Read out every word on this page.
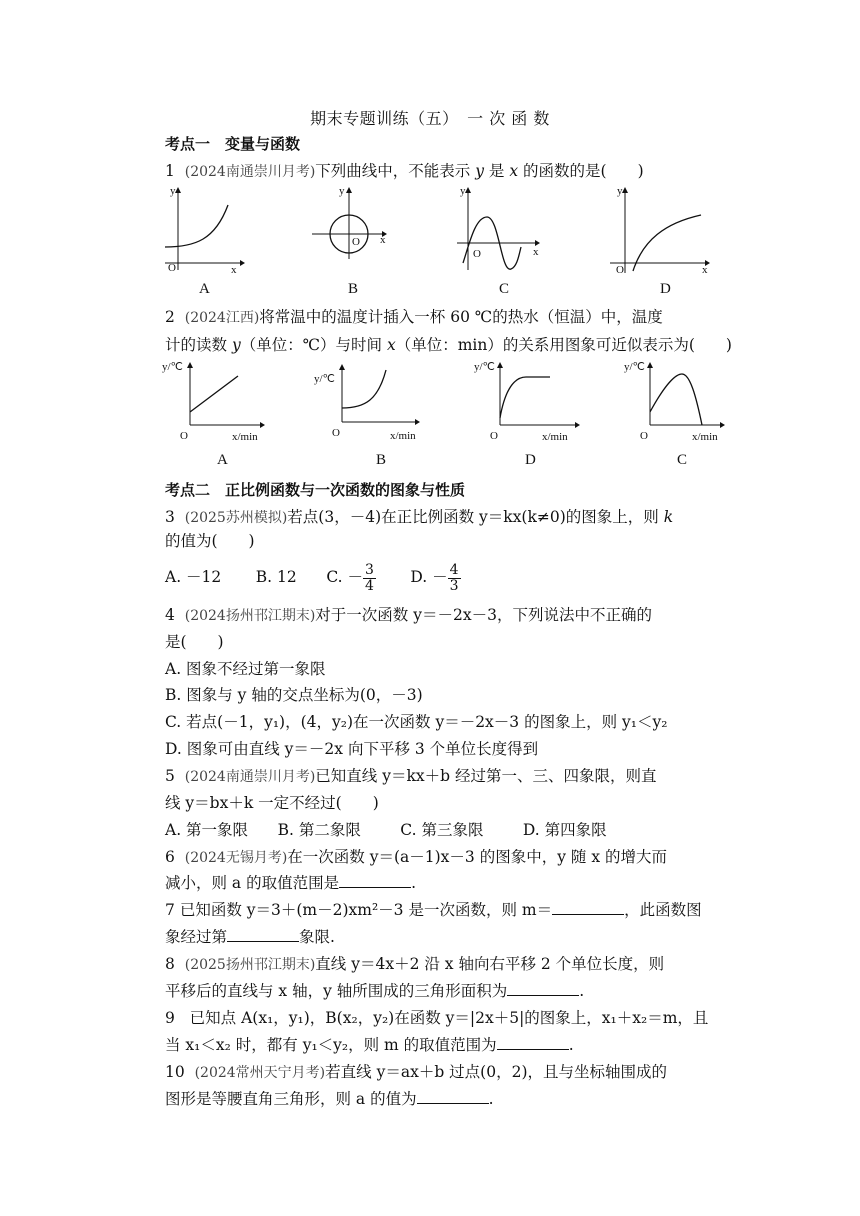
期末专题训练（五）　一 次 函 数
考点一　变量与函数
1 (2024南通崇川月考)下列曲线中，不能表示 y 是 x 的函数的是(　　)
y
O	x
y
O x
y
O	x
y
O	x
A	B	C	D
2 (2024江西)将常温中的温度计插入一杯 60 ℃的热水（恒温）中，温度
计的读数 y（单位：℃）与时间 x（单位：min）的关系用图象可近似表示为(　　)
y/℃
O	x/min
y/℃
O	x/min
y/℃
O	x/min
y/℃
O	x/min
A	B	D	C
考点二　正比例函数与一次函数的图象与性质
3 (2025苏州模拟)若点(3，－4)在正比例函数 y＝kx(k≠0)的图象上，则 k
的值为(　　)
A. －12 B. 12 C. － $\frac{3}{4} D$. － $\frac{4}{3}$
4 (2024扬州邗江期末)对于一次函数 y＝－2x－3，下列说法中不正确的
是(　　)
A. 图象不经过第一象限
B. 图象与 y 轴的交点坐标为(0，－3)
C. 若点(－1，y₁)，(4，y₂)在一次函数 y＝－2x－3 的图象上，则 y₁＜y₂
D. 图象可由直线 y＝－2x 向下平移 3 个单位长度得到
5 (2024南通崇川月考)已知直线 y＝kx＋b 经过第一、三、四象限，则直
线 y＝bx＋k 一定不经过(　　)
A. 第一象限 B. 第二象限	C. 第三象限	D. 第四象限
6 (2024无锡月考)在一次函数 y＝(a－1)x－3 的图象中，y 随 x 的增大而
减小，则 a 的取值范围是	.
7 已知函数 y＝3＋(m－2)xm²－3 是一次函数，则 m＝	，此函数图
象经过第	象限.
8 (2025扬州邗江期末)直线 y＝4x＋2 沿 x 轴向右平移 2 个单位长度，则
平移后的直线与 x 轴，y 轴所围成的三角形面积为	.
9 已知点 A(x₁，y₁)，B(x₂，y₂)在函数 y＝|2x＋5|的图象上，x₁＋x₂＝m，且
当 x₁＜x₂ 时，都有 y₁＜y₂，则 m 的取值范围为	.
10 (2024常州天宁月考)若直线 y＝ax＋b 过点(0，2)，且与坐标轴围成的
图形是等腰直角三角形，则 a 的值为	.
